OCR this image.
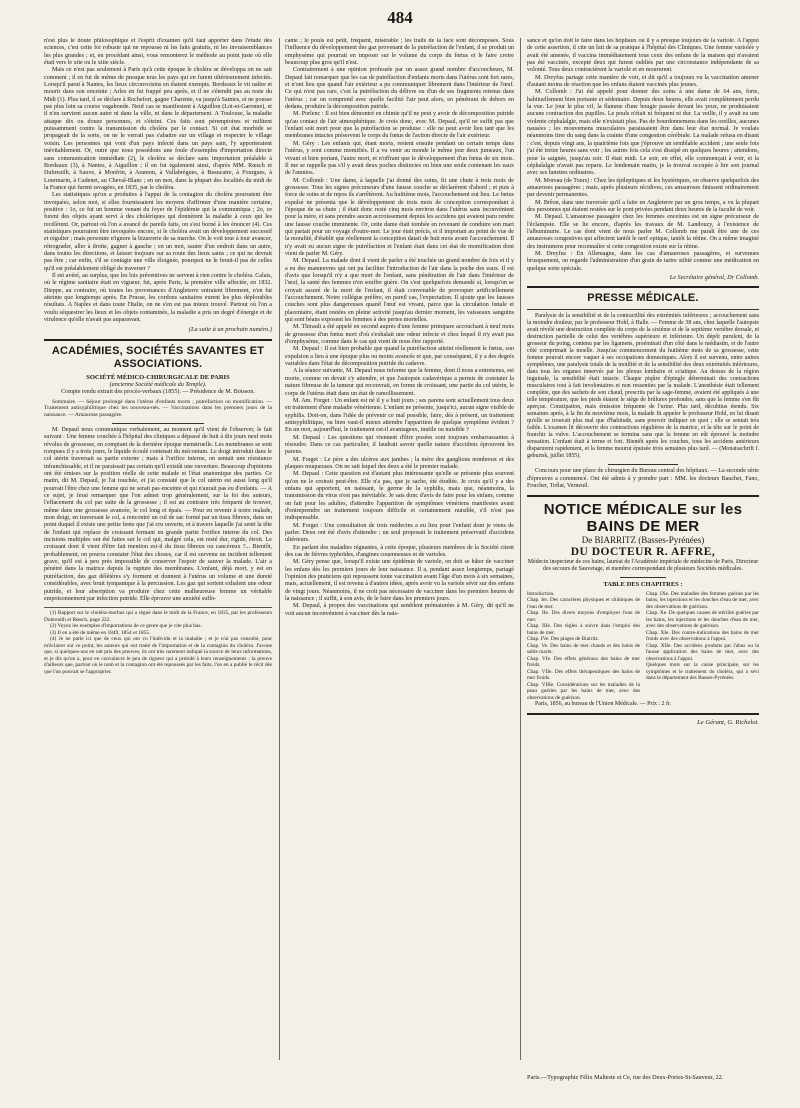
484

n'est plus le doute philosophique et l'esprit d'examen qu'il faut apporter dans l'étude des sciences, c'est cette foi robuste qui ne repousse ni les faits gratuits, ni les invraisemblances les plus grandes ; et, en procédant ainsi, vous remonterez le méthode au point juste où elle était vers le xiie ou le xiiie siècle.

Mais ce n'est pas seulement à Paris qu'à cette époque le choléra se développa on ne sait comment ; il en fut de même de presque tous les pays qui en furent ultérieurement infectés. Lorsqu'il parut à Nantes, les lieux circonvoisins en étaient exempts. Bordeaux le vit naître et mourir dans son enceinte ; Arles en fut frappé peu après, et il ne s'étendit pas au reste du Midi (1). Plus tard, il se déclare à Rochefort, gagne Charente, va jusqu'à Saintes, et ne pousse pas plus loin sa course vagabonde. Neuf cas se manifestent à Aiguillon (Lot-et-Garonne), et il n'en survient aucun autre ni dans la ville, ni dans le département. A Toulouse, la maladie attaque dix ou douze personnes, et s'éteint. Ces faits sont péremptoires et militent puissamment contre la transmission du choléra par le contact. Si cet état morbide se propageait de la sorte, on ne le verrait pas s'abattre sur un village et respecter le village voisin. Les personnes qui vont d'un pays infecté dans un pays sain, l'y apporteraient inévitablement. Or, outre que nous possédons une foule d'exemples d'importation directe sans communication immédiate (2), le choléra se déclare sans importation préalable à Bordeaux (3), à Nantes, à Aiguillon ; il en fut également ainsi, d'après MM. Rœsch et Dubreuilh, à Sauve, à Monfrin, à Aramon, à Vallabrègues, à Beaucaire, à Fourgues, à Lourmarin, à Cadenet, au Cheval-Blanc ; en un mot, dans la plupart des localités du midi de la France qui furent ravagées, en 1835, par le choléra.

Les statistiques qu'on a produites à l'appui de la contagion du choléra pourraient être invoquées, selon moi, si elles fournissaient les moyens d'affirmer d'une manière certaine, positive : 1o, ce fut un homme venant du foyer de l'épidémie qui la communiqua ; 2o, ce furent des objets ayant servi à des cholériques qui donnèrent la maladie à ceux qui les recélèrent. Or, partout où l'on a avancé de pareils faits, on s'est borné à les énoncer (4). Ces statistiques pourraient être invoquées encore, si le choléra avait un développement successif et régulier ; mais personne n'ignore la bizarrerie de sa marche. On le voit tour à tour avancer, rétrograder, aller à droite, gagner à gauche ; en un mot, sauter d'un endroit dans un autre, dans toutes les directions, et laisser toujours sur sa route des lieux sains ; ce qui ne devrait pas être ; car enfin, s'il se contagie une ville éloignée, pourquoi ne le ferait-il pas de celles qu'il est préalablement obligé de traverser ?

Il est avéré, au surplus, que les lois préventives ne servent à rien contre le choléra. Calais, où le régime sanitaire était en vigueur, fut, après Paris, la première ville affectée, en 1832. Dieppe, au contraire, où toutes les provenances d'Angleterre entraient librement, n'en fut atteinte que longtemps après. En Prusse, les cordons sanitaires eurent les plus déplorables résultats. A Naples et dans toute l'Italie, on ne s'en est pas mieux trouvé. Partout où l'on a voulu séquestrer les lieux et les objets contaminés, la maladie a pris un degré d'énergie et de virulence qu'elle n'avait pas auparavant.

(La suite à un prochain numéro.)
ACADÉMIES, SOCIÉTÉS SAVANTES ET ASSOCIATIONS.
SOCIÉTÉ MÉDICO-CHIRURGICALE DE PARIS
(ancienne Société médicale du Temple).
Compte rendu extrait des procès-verbaux (1855). — Présidence de M. Boisson.

Sommaire. — Séjour prolongé dans l'utérus d'enfants morts ; putréfaction ou momification. — Traitement antisyphilitique chez les nouveau-nés. — Vaccinations dans les premiers jours de la naissance. — Amaurose passagère.

M. Depaul nous communique verbalement, au moment qu'il vient de l'observer, le fait suivant : Une femme couchée à l'hôpital des cliniques a dépassé de huit à dix jours neuf mois révolus de grossesse, en comptant de la dernière époque menstruelle. Les membranes se sont rompues il y a trois jours, le liquide écoulé contenait du méconium. Le doigt introduit dans le col utérin traversait sa partie externe ; mais à l'orifice interne, on sentait une résistance infranchissable, et il ne paraissait pas certain qu'il existât une ouverture. Beaucoup d'opinions ont été émises sur la position réelle de cette malade et l'état anatomique des parties. Ce matin, dit M. Depaul, je l'ai touchée, et j'ai constaté que le col utérin est aussi long qu'il pourrait l'être chez une femme qui ne serait pas enceinte et qui n'aurait pas eu d'enfants. — A ce sujet, je ferai remarquer que l'on admet trop généralement, sur la foi des auteurs, l'effacement du col par suite de la grossesse ; il est au contraire très fréquent de trouver, même dans une grossesse avancée, le col long et épais. — Pour en revenir à notre malade, mon doigt, en traversant le col, a rencontré un cul de sac formé par un tissu fibreux, dans un point duquel il existe une petite fente que j'ai cru ouverte, et à travers laquelle j'ai senti la tête de l'enfant qui replace de croissant fermant en grande partie l'orifice interne du col. Des incisions multiples ont été faites sur le col qui, malgré cela, est resté dur, rigide, étroit. Le croissant dont il vient d'être fait mention est-il du tissu fibreux ou cancéreux ?... Bientôt, probablement, on pourra constater l'état des choses, car il est survenu un incident tellement grave, qu'il est à peu près impossible de conserver l'espoir de sauver la malade. L'air a pénétré dans la matrice depuis la rupture des membranes. L'enfant, déjà mort, y est en putréfaction, des gaz délétères s'y forment et donnent à l'utérus un volume et une dureté considérables, avec bruit tympanique à la percussion. Les gaz qui sortent exhalent une odeur putride, et leur absorption va produire chez cette malheureuse femme un véritable empoisonnement par infection putride. Elle éprouve une anxiété suffo-

(1) Rapport sur le choléra-morbus qui a régné dans le midi de la France, en 1835, par les professeurs Dubreuilh et Rœsch, page 222.

(2) Voyez les exemples d'importations de ce genre que je cite plus bas.

(3) Il en a été de même en 1849, 1854 et 1855.

(4) Je ne parle ici que de ceux qui ont vu l'individu et la maladie ; et je n'ai pas consulté, pour m'éclairer sur ce point, les auteurs qui ont traité de l'importation et de la contagion du choléra. J'avoue que, si quelques-uns en ont pris des preuves, ils ont très rarement indiqué la source de leurs informations, et je dis qu'on a, pour en convaincre le peu de rigueur qui a présidé à leurs renseignements ; la preuve d'ailleurs que, partout où le nom et la contagion ont été repoussés par les faits, l'on en a publié le récit dès que l'on pouvait se l'approprier.

cante ; le pouls est petit, fréquent, misérable ; les traits de la face sont décomposés. Sous l'influence du développement des gaz provenant de la putréfaction de l'enfant, il se produit un emphysème qui pourrait en imposer sur le volume du corps du fœtus et le faire croire beaucoup plus gros qu'il n'est.

Contrairement à une opinion professée par un assez grand nombre d'accoucheurs, M. Depaul fait remarquer que les cas de putréfaction d'enfants morts dans l'utérus sont fort rares, et n'ont lieu que quand l'air extérieur a pu communiquer librement dans l'intérieur de l'œuf. Ce qui n'est pas rare, c'est la putréfaction du délivre ou d'un de ses fragments retenus dans l'utérus ; car on comprend avec quelle facilité l'air peut alors, en pénétrant de dehors en dedans, produire la décomposition putride.

M. Porlenc : Il est bien démontré en chimie qu'il ne peut y avoir de décomposition putride qu'au contact de l'air atmosphérique. Je crois donc, avec M. Depaul, qu'il ne suffit pas que l'enfant soit mort pour que la putréfaction se produise : elle ne peut avoir lieu tant que les membranes intactes préservent le corps du fœtus de l'action directe de l'air extérieur.

M. Géry : Les enfants qui, étant morts, restent ensuite pendant un certain temps dans l'utérus, y sont comme momifiés. Il a vu venir au monde le même jour deux jumeaux, l'un vivant et bien portant, l'autre mort, et n'offrant que le développement d'un fœtus de six mois. Il me se rappelle pas s'il y avait deux poches distinctes ou bien une seule contenant les eaux de l'amnios.

M. Collomb : Une dame, à laquelle j'ai donné des soins, fit une chute à trois mois de grossesse. Tous les signes précurseurs d'une fausse couche se déclarèrent d'abord ; et puis à force de soins et de repos ils s'arrêtèrent. Au huitième mois, l'accouchement eut lieu. Le fœtus expulsé ne présenta que le développement de trois mois de conception correspondant à l'époque de sa chute ; il était donc resté cinq mois environ dans l'utérus sans inconvénient pour la mère, et sans prendre aucun accroissement depuis les accidens qui avaient paru rendre une fausse couche imminente. Or, cette dame était tombée en revenant de conduire son mari qui partait pour un voyage d'outre-mer. Le jour était précis, et il importait au point de vue de la moralité, d'établir que réellement la conception datait de huit mois avant l'accouchement. Il n'y avait eu aucun signe de putréfaction et l'enfant était dans cet état de momification dont vient de parler M. Géry.

M. Depaul. La malade dont il vient de parler a été touchée un grand nombre de fois et il y a eu des manœuvres qui ont pu faciliter l'introduction de l'air dans la poche des eaux. Il est d'avis que lorsqu'il n'y a que mort de l'enfant, sans pénétration de l'air dans l'intérieur de l'œuf, la santé des femmes n'en souffre guère. On s'est quelquefois demandé si, lorsqu'on se croyait assuré de la mort de l'enfant, il était convenable de provoquer artificiellement l'accouchement. Notre collègue préfère, en pareil cas, l'expectation. Il ajoute que les fausses couches sont plus dangereuses quand l'œuf est vivant, parce que la circulation fœtale et placentaire, étant restées en pleine activité jusqu'au dernier moment, les vaisseaux sanguins qui sont béans exposent les femmes à des pertes mortelles.

M. Thirault a été appelé en second auprès d'une femme primipare accouchant à neuf mois de grossesse d'un fœtus mort d'où s'exhalait une odeur infecte et chez lequel il n'y avait pas d'emphysème, comme dans le cas qui vient de nous être rapporté.

M. Depaul : Il est bien probable que quand la putréfaction atteint réellement le fœtus, son expulsion a lieu à une époque plus ou moins avancée et que, par conséquent, il y a des degrés variables dans l'état de décomposition putride du cadavre.

A la séance suivante, M. Depaul nous informe que la femme, dont il nous a entretenus, est morte, comme on devait s'y attendre, et que l'autopsie cadavérique a permis de constater la nature fibreuse de la tumeur qui recouvrait, en forme de croissant, une partie du col utérin, le corps de l'utérus était dans un état de ramollissement.

M. Am. Forget : Un enfant est né il y a huit jours ; ses parens sont actuellement tous deux en traitement d'une maladie vénérienne. L'enfant ne présente, jusqu'ici, aucun signe visible de syphilis. Doit-on, dans l'idée de prévenir ce mal possible, faire, dès à présent, un traitement antisyphilitique, ou bien vaut-il mieux attendre l'apparition de quelque symptôme évident ? En un mot, aujourd'hui, le traitement est-il avantageux, inutile ou nuisible ?

M. Depaul : Les questions qui viennent d'être posées sont toujours embarrassantes à résoudre. Dans ce cas particulier, il faudrait savoir quelle nature d'accidens éprouvent les parens.

M. Forget : Le père a des ulcères aux jambes ; la mère des ganglions nombreux et des plaques muqueuses. On ne sait lequel des deux a été le premier malade.

M. Depaul : Cette question est d'autant plus intéressante qu'elle se présente plus souvent qu'on ne le croirait peut-être. Elle n'a pas, que je sache, été étudiée. Je crois qu'il y a des enfans qui apportent, en naissant, le germe de la syphilis, mais que, néanmoins, la transmission du virus n'est pas inévitable. Je sais donc d'avis de faire pour les enfans, comme on fait pour les adultes, d'attendre l'apparition de symptômes vénériens manifestes avant d'entreprendre un traitement toujours difficile et certainement nuisible, s'il n'est pas indispensable.

M. Forget : Une consultation de trois médecins a eu lieu pour l'enfant dont je viens de parler. Deux ont été d'avis d'attendre ; un seul proposait le traitement préservatif d'accidens ultérieurs.

En parlant des maladies régnantes, à cette époque, plusieurs membres de la Société citent des cas de fièvres typhoïdes, d'angines couenneuses et de varioles.

M. Géry pense que, lorsqu'il existe une épidémie de variole, on doit se hâter de vacciner les enfans dès les premiers jours de leur naissance. Il a, pendant assez longtemps, partagé l'opinion des praticiens qui repoussent toute vaccination avant l'âge d'un mois à six semaines, mais, actuellement, il est revenu à d'autres idées, après avoir vu la variole sévir sur des enfans de vingt jours. Néanmoins, il ne croit pas nécessaire de vacciner dans les premiers heures de la naissance ; il suffit, à son avis, de le faire dans les premiers jours.

M. Depaul, à propos des vaccinations qui semblent prématurées à M. Géry, dit qu'il ne voit aucun inconvénient à vacciner dès la nais-

sance et qu'on doit le faire dans les hôpitaux où il y a presque toujours de la variole. A l'appui de cette assertion, il cite un fait de sa pratique à l'hôpital des Cliniques. Une femme variolée y avait été amenée, il vaccina immédiatement tous ceux des enfans de la maison qui n'avaient pas été vaccinés, excepté deux qui furent oubliés par une circonstance indépendante de sa volonté. Tous deux contractèrent la variole et en moururent.

M. Dreyfus partage cette manière de voir, et dit qu'il a toujours vu la vaccination amener d'autant moins de réaction que les enfans étaient vaccinés plus jeunes.

M. Collomb : J'ai été appelé pour donner des soins à une dame de 64 ans, forte, habituellement bien portante et sédentaire. Depuis deux heures, elle avait complètement perdu la vue. Le jour le plus vif, la flamme d'une bougie passée devant les yeux, ne produisaient aucune contraction des pupilles. Le pouls n'était ni fréquent ni dur. La veille, il y avait eu une violente céphalalgie, mais elle n'existait plus. Pas de bourdonnemens dans les oreilles, aucunes nausées ; les mouvemens musculaires paraissaient être dans leur état normal. Je voulais néanmoins tirer du sang dans la crainte d'une congestion cérébrale. La malade refusa en disant : c'est, depuis vingt ans, la quatrième fois que j'éprouve un semblable accident ; une seule fois j'ai été treize heures sans voir ; les autres fois cela s'est dissipé en quelques heures ; attendons, pour la saignée, jusqu'au soir. Il était midi. Le soir, en effet, elle commençait à voir, et la céphalalgie n'avait pas reparu. Le lendemain matin, je la trouvai occupée à lire son journal avec ses lunettes ordinaires.

M. Moreau (de Tours) : Chez les épileptiques et les hystériques, on observe quelquefois des amauroses passagères ; mais, après plusieurs récidives, ces amauroses finissent ordinairement par devenir permanentes.

M. Brêon, dans une traversée qu'il a faite en Angleterre par un gros temps, a vu la plupart des personnes qui étaient restées sur le pont privées pendant deux heures de la faculté de voir.

M. Depaul. L'amaurose passagère chez les femmes enceintes est un signe précurseur de l'éclampsie. Elle se lie encore, d'après les travaux de M. Landouzy, à l'existence de l'albuminurie. Le cas dont vient de nous parler M. Collomb me paraît être une de ces amauroses congestives qui affectent tantôt le nerf optique, tantôt la rétine. On a même imaginé des instrumens pour reconnaître si cette congestion existe sur la rétine.

M. Dreyfus : En Allemagne, dans les cas d'amauroses passagères, et survenues brusquement, on regarde l'administration d'un grain de tartre stibié comme une médication en quelque sorte spéciale.

Le Secrétaire général, Dr Collomb.
PRESSE MÉDICALE.

Paralysie de la sensibilité et de la contractilité des extrémités inférieures ; accouchement sans la moindre douleur, par le professeur Hohl, à Halle. — Femme de 38 ans, chez laquelle l'autopsie avait révélé une destruction complète du corps de la sixième et de la septième vertèbre dorsale, et destruction partielle de celui des vertèbres supérieure et inférieure. Un dépôt purulent, de la grosseur du poing, contenu par les ligamens, proéminait d'un côté dans le médiastin, et de l'autre côté comprimait la moelle. Jusqu'au commencement du huitième mois de sa grossesse, cette femme pouvait encore vaquer à ses occupations domestiques. Alors il est survenu, entre autres symptômes, une paralysie totale de la motilité et de la sensibilité des deux extrémités inférieures, dans tous les organes innervés par les plexus lombaire et sciatique. Au dessus de la région inguinale, la sensibilité était intacte. Chaque piqûre d'épingle déterminait des contractions musculaires tout à fait involontaires et non ressenties par la malade. L'anesthésie était tellement complète, que des sachets de son chaud, prescrits par la sage-femme, avaient été appliqués à une telle température, que les pieds étaient le siège de brûlures profondes, sans que la femme s'en fût aperçue. Constipation, mais émission fréquente de l'urine. Plus tard, décubitus étendu. Six semaines après, à la fin du neuvième mois, la malade fit appeler le professeur Hohl, en lui disant qu'elle se trouvait plus mal que d'habitude, sans pouvoir indiquer en quoi ; elle se sentait très faible. L'examen lit découvrir des contractions régulières de la matrice, et la tête sur le point de franchir la vulve. L'accouchement se termina sans que la femme en eût éprouvé la moindre sensation. L'enfant était à terme et fort. Bientôt après les couches, tous les accidens antérieurs disparurent rapidement, et la femme mourut épuisée trois semaines plus tard. — (Monatsschrift f. geburtsk, juillet 1855).

Concours pour une place de chirurgien du Bureau central des hôpitaux. — La seconde série d'épreuves a commencé. Ont été admis à y prendre part : MM. les docteurs Bauchet, Fano, Foucher, Trélat, Verneuil.

NOTICE MÉDICALE sur les BAINS DE MER
De BIARRITZ (Basses-Pyrénées)
DU DOCTEUR R. AFFRE,
Médecin inspecteur de ces bains, lauréat de l'Académie impériale de médecine de Paris, Directeur des secours de Sauvetage, et membre correspondant de plusieurs Sociétés médicales.
TABLE DES CHAPITRES :
Introduction.
Chap. Ier. Des caractères physiques et chimiques de l'eau de mer.
Chap. IIe. Des divers moyens d'employer l'eau de mer.
Chap. IIIe. Des règles à suivre dans l'emploi des bains de mer.
Chap. IVe. Des plages de Biarritz.
Chap. Ve. Des bains de mer chauds et des bains de sable marin.
Chap. VIe. Des effets généraux des bains de mer froids.
Chap. VIIe. Des effets thérapeutiques des bains de mer froids.
Chap. VIIIe. Considérations sur les maladies de la peau guéries par les bains de mer, avec des observations de guérison.
Chap. IXe. Des maladies des femmes guéries par les bains, les injections et les douches d'eau de mer, avec des observations de guérison.
Chap. Xe. De quelques causes de stérilité guéries par les bains, les injections et les douches d'eau de mer, avec des observations de guérison.
Chap. XIe. Des contre-indications des bains de mer froids avec des observations à l'appui.
Chap. XIIe. Des accidens produits par l'abus ou la fausse application des bains de mer, avec des observations à l'appui.
Quelques mots sur la cause principale, sur les symptômes et le traitement du choléra, qui a sévi dans le département des Basses-Pyrénées.

Paris, 1856, au bureau de l'Union Médicale. — Prix : 2 fr.

Le Gérant, G. Richelot.
Paris.—Typographie Félix Malteste et Ce, rue des Deux-Portes-St-Sauveur, 22.
